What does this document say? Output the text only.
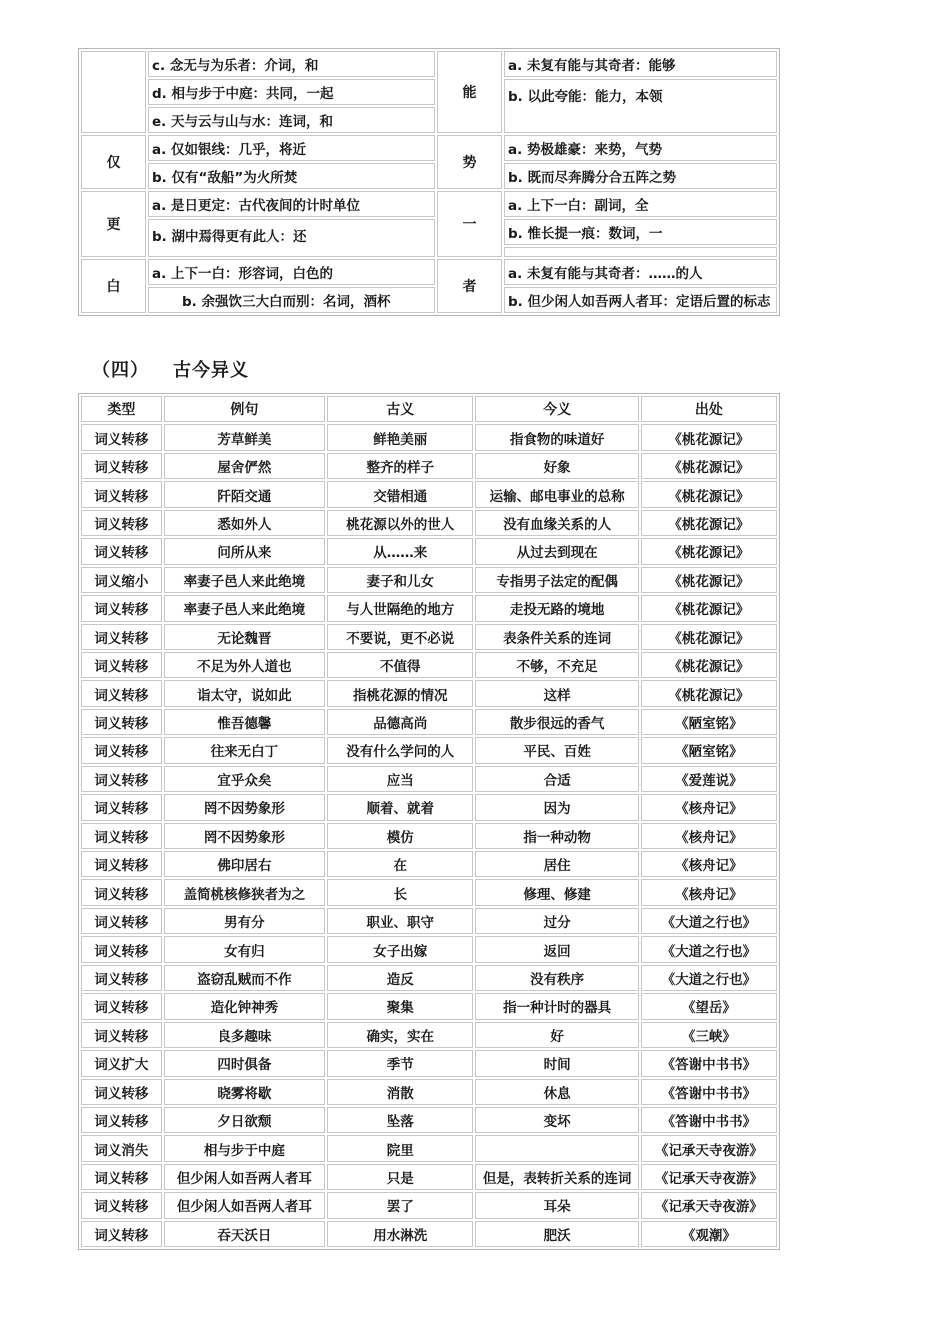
	c. 念无与为乐者：介词，和	能	a. 未复有能与其奇者：能够
	d. 相与步于中庭：共同，一起		b. 以此夸能：能力，本领
	e. 天与云与山与水：连词，和		
仅	a. 仅如银线：几乎，将近	势	a. 势极雄豪：来势，气势
	b. 仅有“敌船”为火所焚		b. 既而尽奔腾分合五阵之势
更	a. 是日更定：古代夜间的计时单位	一	a. 上下一白：副词，全
	b. 湖中焉得更有此人：还		b. 惟长提一痕：数词，一

白	a. 上下一白：形容词，白色的	者	a. 未复有能与其奇者：……的人
	b. 余强饮三大白而别：名词，酒杯		b. 但少闲人如吾两人者耳：定语后置的标志
（四） 古今异义
类型	例句	古义	今义	出处
词义转移	芳草鲜美	鲜艳美丽	指食物的味道好	《桃花源记》
词义转移	屋舍俨然	整齐的样子	好象	《桃花源记》
词义转移	阡陌交通	交错相通	运输、邮电事业的总称	《桃花源记》
词义转移	悉如外人	桃花源以外的世人	没有血缘关系的人	《桃花源记》
词义转移	问所从来	从……来	从过去到现在	《桃花源记》
词义缩小	率妻子邑人来此绝境	妻子和儿女	专指男子法定的配偶	《桃花源记》
词义转移	率妻子邑人来此绝境	与人世隔绝的地方	走投无路的境地	《桃花源记》
词义转移	无论魏晋	不要说，更不必说	表条件关系的连词	《桃花源记》
词义转移	不足为外人道也	不值得	不够，不充足	《桃花源记》
词义转移	诣太守，说如此	指桃花源的情况	这样	《桃花源记》
词义转移	惟吾德馨	品德高尚	散步很远的香气	《陋室铭》
词义转移	往来无白丁	没有什么学问的人	平民、百姓	《陋室铭》
词义转移	宜乎众矣	应当	合适	《爱莲说》
词义转移	罔不因势象形	顺着、就着	因为	《核舟记》
词义转移	罔不因势象形	模仿	指一种动物	《核舟记》
词义转移	佛印居右	在	居住	《核舟记》
词义转移	盖简桃核修狭者为之	长	修理、修建	《核舟记》
词义转移	男有分	职业、职守	过分	《大道之行也》
词义转移	女有归	女子出嫁	返回	《大道之行也》
词义转移	盗窃乱贼而不作	造反	没有秩序	《大道之行也》
词义转移	造化钟神秀	聚集	指一种计时的器具	《望岳》
词义转移	良多趣味	确实，实在	好	《三峡》
词义扩大	四时俱备	季节	时间	《答谢中书书》
词义转移	晓雾将歇	消散	休息	《答谢中书书》
词义转移	夕日欲颓	坠落	变坏	《答谢中书书》
词义消失	相与步于中庭	院里		《记承天寺夜游》
词义转移	但少闲人如吾两人者耳	只是	但是，表转折关系的连词	《记承天寺夜游》
词义转移	但少闲人如吾两人者耳	罢了	耳朵	《记承天寺夜游》
词义转移	吞天沃日	用水淋洗	肥沃	《观潮》
